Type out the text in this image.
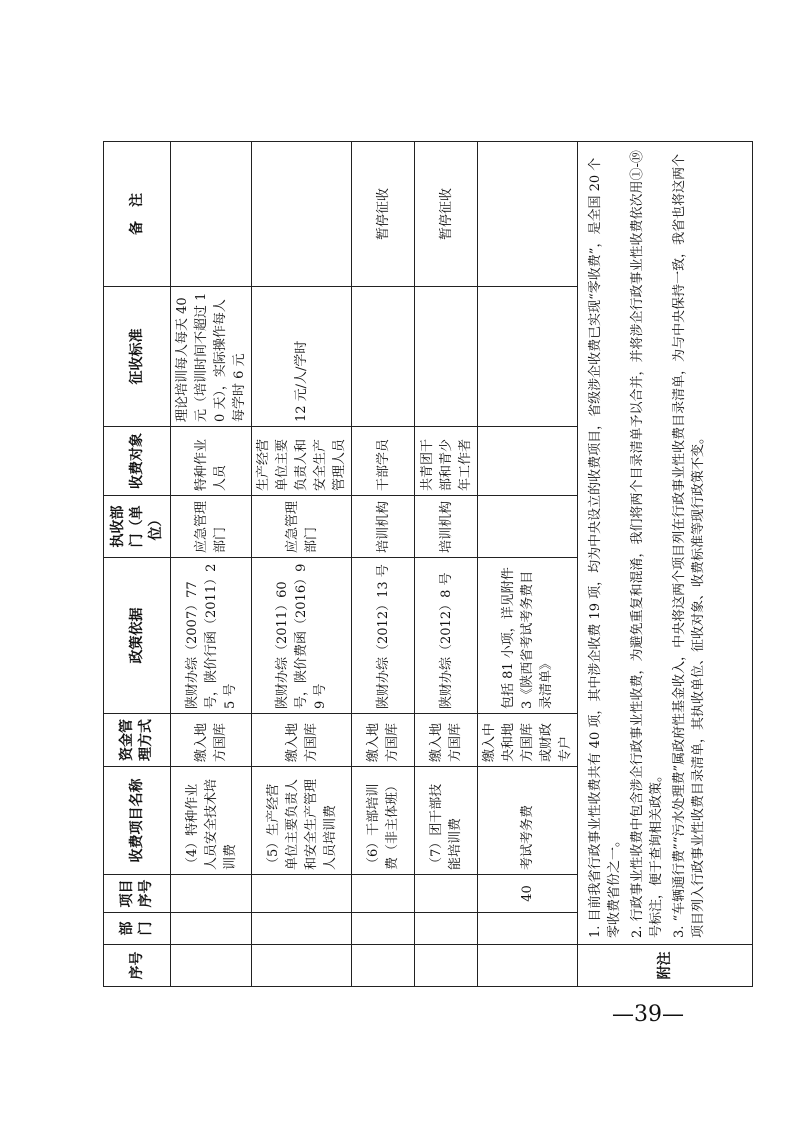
序号	部门	项目序号	收费项目名称	资金管理方式	政策依据	执收部门（单位）	收费对象	征收标准	备　注
			（4）特种作业人员安全技术培训费	缴入地方国库	陕财办综（2007）77 号，陕价行函（2011）25 号	应急管理部门	特种作业人员	理论培训每人每天 40 元（培训时间不超过 10 天），实际操作每人每学时 6 元	
			（5）生产经营单位主要负责人和安全生产管理人员培训费	缴入地方国库	陕财办综（2011）60 号，陕价费函（2016）99 号	应急管理部门	生产经营单位主要负责人和安全生产管理人员	12 元/人/学时	
			（6）干部培训费（非主体班）	缴入地方国库	陕财办综（2012）13 号	培训机构	干部学员		暂停征收
			（7）团干部技能培训费	缴入地方国库	陕财办综（2012）8 号	培训机构	共青团干部和青少年工作者		暂停征收
		40	考试考务费	缴入中央和地方国库或财政专户	包括 81 小项，详见附件 3《陕西省考试考务费目录清单》				
附注	1. 目前我省行政事业性收费共有 40 项，其中涉企收费 19 项，均为中央设立的收费项目，省级涉企收费已实现“零收费”，是全国 20 个零收费省份之一。 2. 行政事业性收费中包含涉企行政事业性收费，为避免重复和混淆，我们将两个目录清单予以合并，并将涉企行政事业性收费依次用①-⑲号标注，便于查询相关政策。 3. “车辆通行费”“污水处理费”属政府性基金收入，中央将这两个项目列在行政事业性收费目录清单，为与中央保持一致，我省也将这两个项目列入行政事业性收费目录清单，其执收单位、征收对象、收费标准等现行政策不变。								

—39—
